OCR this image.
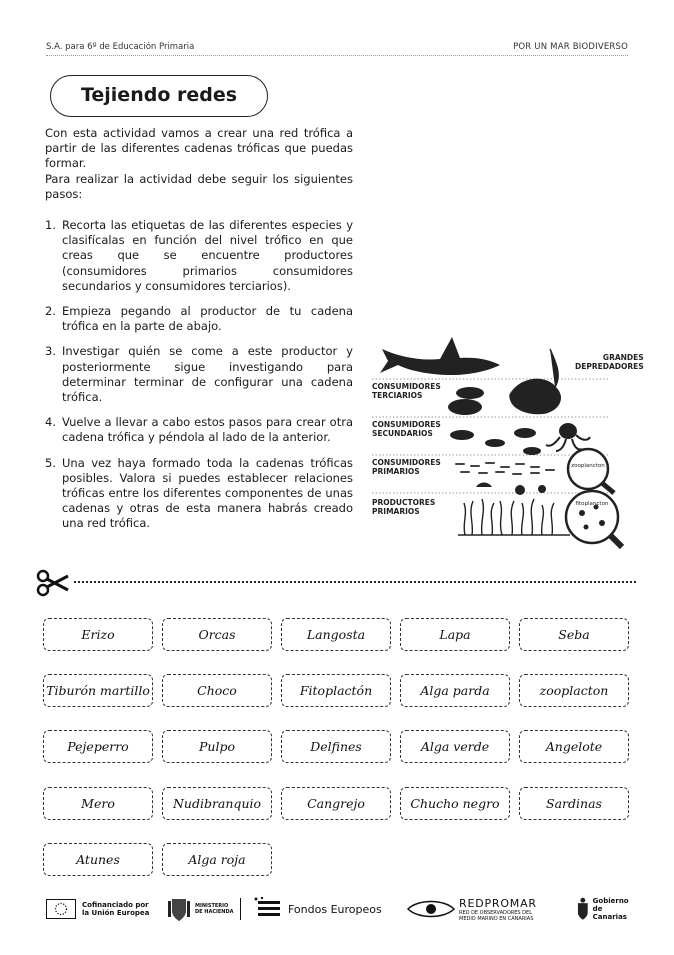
S.A. para 6º de Educación Primaria	POR UN MAR BIODIVERSO
Tejiendo redes

Con esta actividad vamos a crear una red trófica a partir de las diferentes cadenas tróficas que puedas formar.

Para realizar la actividad debe seguir los siguientes pasos:

1. Recorta las etiquetas de las diferentes especies y clasifícalas en función del nivel trófico en que creas que se encuentre productores (consumidores primarios consumidores secundarios y consumidores terciarios).
2. Empieza pegando al productor de tu cadena trófica en la parte de abajo.
3. Investigar quién se come a este productor y posteriormente sigue investigando para determinar terminar de configurar una cadena trófica.
4. Vuelve a llevar a cabo estos pasos para crear otra cadena trófica y péndola al lado de la anterior.
5. Una vez haya formado toda la cadenas tróficas posibles. Valora si puedes establecer relaciones tróficas entre los diferentes componentes de unas cadenas y otras de esta manera habrás creado una red trófica.
zooplancton
fitoplancton
GRANDES
DEPREDADORES
CONSUMIDORES
TERCIARIOS
CONSUMIDORES
SECUNDARIOS
CONSUMIDORES
PRIMARIOS
PRODUCTORES
PRIMARIOS
Erizo	Orcas	Langosta	Lapa	Seba
Tiburón martillo	Choco	Fitoplactón	Alga parda	zooplacton
Pejeperro	Pulpo	Delfines	Alga verde	Angelote
Mero	Nudibranquio	Cangrejo	Chucho negro	Sardinas
Atunes	Alga roja
Cofinanciado por
la Unión Europea
MINISTERIO
DE HACIENDA	Fondos Europeos	REDPROMAR
RED DE OBSERVADORES DEL
MEDIO MARINO EN CANARIAS
Gobierno
de Canarias
